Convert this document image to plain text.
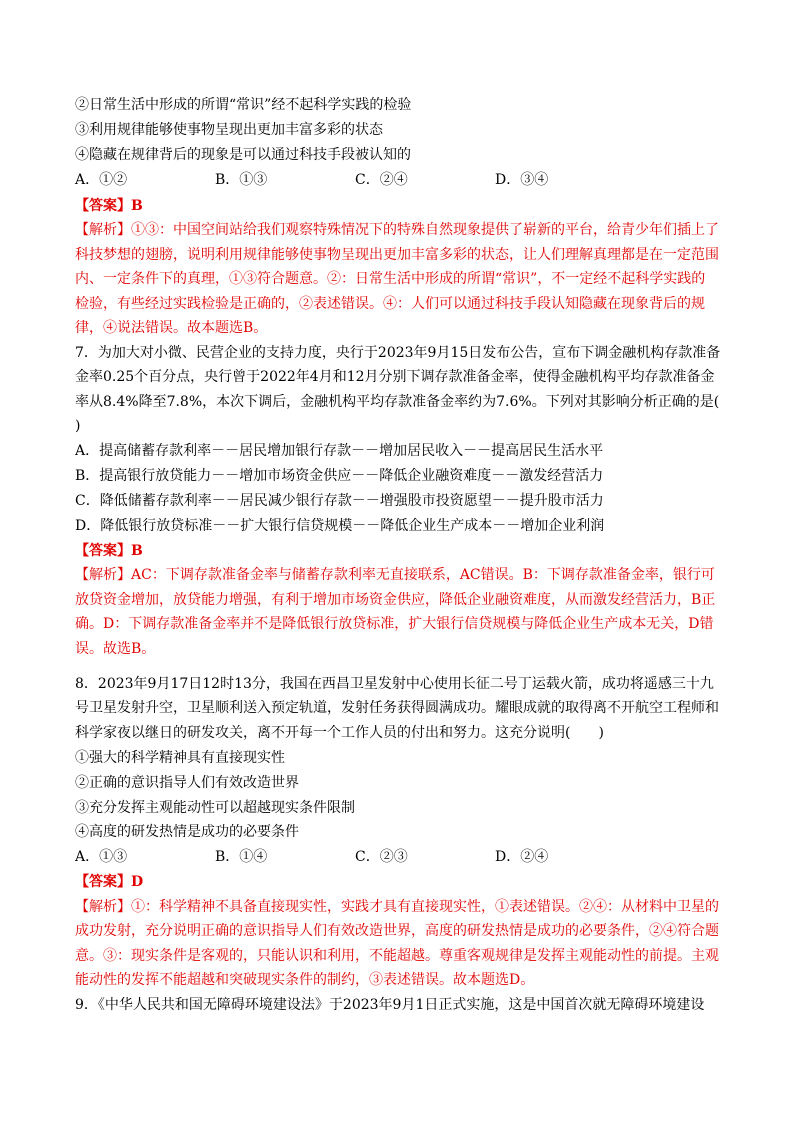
②日常生活中形成的所谓“常识”经不起科学实践的检验
③利用规律能够使事物呈现出更加丰富多彩的状态
④隐藏在规律背后的现象是可以通过科技手段被认知的
A．①②	B．①③	C．②④	D．③④
【答案】B
【解析】①③：中国空间站给我们观察特殊情况下的特殊自然现象提供了崭新的平台，给青少年们插上了
科技梦想的翅膀，说明利用规律能够使事物呈现出更加丰富多彩的状态，让人们理解真理都是在一定范围
内、一定条件下的真理，①③符合题意。②：日常生活中形成的所谓“常识”，不一定经不起科学实践的
检验，有些经过实践检验是正确的，②表述错误。④：人们可以通过科技手段认知隐藏在现象背后的规
律，④说法错误。故本题选B。
7．为加大对小微、民营企业的支持力度，央行于2023年9月15日发布公告，宣布下调金融机构存款准备
金率0.25个百分点，央行曾于2022年4月和12月分别下调存款准备金率，使得金融机构平均存款准备金
率从8.4%降至7.8%，本次下调后，金融机构平均存款准备金率约为7.6%。下列对其影响分析正确的是(
)
A．提高储蓄存款利率－－居民增加银行存款－－增加居民收入－－提高居民生活水平
B．提高银行放贷能力－－增加市场资金供应－－降低企业融资难度－－激发经营活力
C．降低储蓄存款利率－－居民减少银行存款－－增强股市投资愿望－－提升股市活力
D．降低银行放贷标准－－扩大银行信贷规模－－降低企业生产成本－－增加企业利润
【答案】B
【解析】AC：下调存款准备金率与储蓄存款利率无直接联系，AC错误。B：下调存款准备金率，银行可
放贷资金增加，放贷能力增强，有利于增加市场资金供应，降低企业融资难度，从而激发经营活力，B正
确。D：下调存款准备金率并不是降低银行放贷标准，扩大银行信贷规模与降低企业生产成本无关，D错
误。故选B。
8．2023年9月17日12时13分，我国在西昌卫星发射中心使用长征二号丁运载火箭，成功将遥感三十九
号卫星发射升空，卫星顺利送入预定轨道，发射任务获得圆满成功。耀眼成就的取得离不开航空工程师和
科学家夜以继日的研发攻关，离不开每一个工作人员的付出和努力。这充分说明(　　)
①强大的科学精神具有直接现实性
②正确的意识指导人们有效改造世界
③充分发挥主观能动性可以超越现实条件限制
④高度的研发热情是成功的必要条件
A．①③	B．①④	C．②③	D．②④
【答案】D
【解析】①：科学精神不具备直接现实性，实践才具有直接现实性，①表述错误。②④：从材料中卫星的
成功发射，充分说明正确的意识指导人们有效改造世界，高度的研发热情是成功的必要条件，②④符合题
意。③：现实条件是客观的，只能认识和利用，不能超越。尊重客观规律是发挥主观能动性的前提。主观
能动性的发挥不能超越和突破现实条件的制约，③表述错误。故本题选D。
9．《中华人民共和国无障碍环境建设法》于2023年9月1日正式实施，这是中国首次就无障碍环境建设
